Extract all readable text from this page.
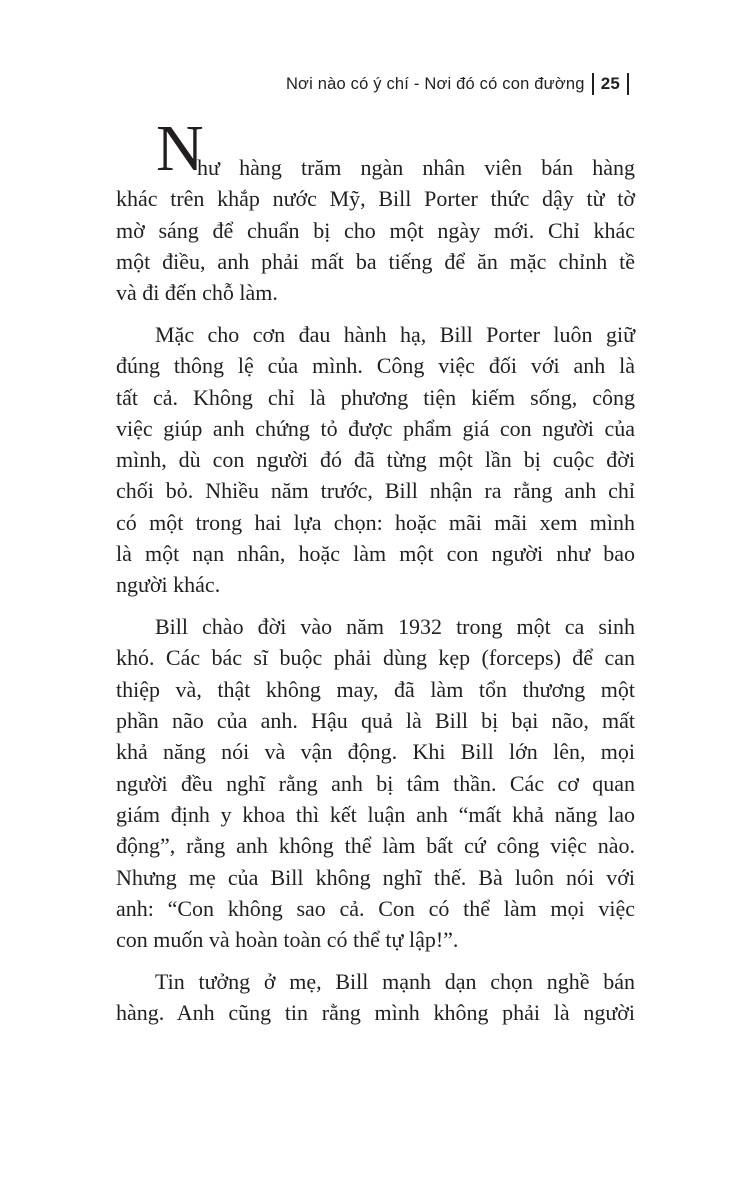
Nơi nào có ý chí - Nơi đó có con đường 25
N
hư hàng trăm ngàn nhân viên bán hàng
khác trên khắp nước Mỹ, Bill Porter thức dậy từ tờ
mờ sáng để chuẩn bị cho một ngày mới. Chỉ khác
một điều, anh phải mất ba tiếng để ăn mặc chỉnh tề
và đi đến chỗ làm.
Mặc cho cơn đau hành hạ, Bill Porter luôn giữ
đúng thông lệ của mình. Công việc đối với anh là
tất cả. Không chỉ là phương tiện kiếm sống, công
việc giúp anh chứng tỏ được phẩm giá con người của
mình, dù con người đó đã từng một lần bị cuộc đời
chối bỏ. Nhiều năm trước, Bill nhận ra rằng anh chỉ
có một trong hai lựa chọn: hoặc mãi mãi xem mình
là một nạn nhân, hoặc làm một con người như bao
người khác.
Bill chào đời vào năm 1932 trong một ca sinh
khó. Các bác sĩ buộc phải dùng kẹp (forceps) để can
thiệp và, thật không may, đã làm tổn thương một
phần não của anh. Hậu quả là Bill bị bại não, mất
khả năng nói và vận động. Khi Bill lớn lên, mọi
người đều nghĩ rằng anh bị tâm thần. Các cơ quan
giám định y khoa thì kết luận anh “mất khả năng lao
động”, rằng anh không thể làm bất cứ công việc nào.
Nhưng mẹ của Bill không nghĩ thế. Bà luôn nói với
anh: “Con không sao cả. Con có thể làm mọi việc
con muốn và hoàn toàn có thể tự lập!”.
Tin tưởng ở mẹ, Bill mạnh dạn chọn nghề bán
hàng. Anh cũng tin rằng mình không phải là người
